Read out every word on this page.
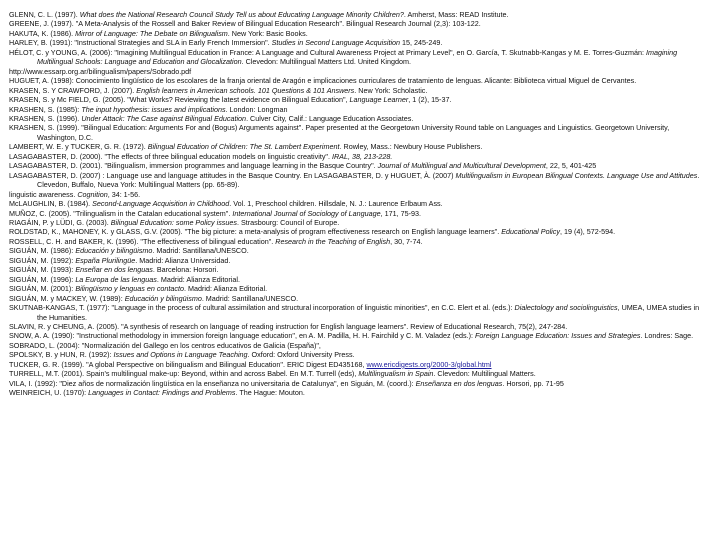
GLENN, C. L. (1997). What does the National Research Council Study Tell us about Educating Language Minority Children?. Amherst, Mass: READ Institute.

GREENE, J. (1997). "A Meta-Analysis of the Rossell and Baker Review of Bilingual Education Research". Bilingual Research Journal (2,3): 103-122.

HAKUTA, K. (1986). Mirror of Language: The Debate on Bilingualism. New York: Basic Books.

HARLEY, B. (1991): "Instructional Strategies and SLA in Early French Immersion". Studies in Second Language Acquisition 15, 245-249.

HÉLOT, C. y YOUNG, A. (2006): "Imagining Multilingual Education in France: A Language and Cultural Awareness Project at Primary Level", en O. García, T. Skutnabb-Kangas y M. E. Torres-Guzmán: Imagining Multilingual Schools: Language and Education and Glocalization. Clevedon: Multilingual Matters Ltd. United Kingdom.

http://www.essarp.org.ar/bilingualism/papers/Sobrado.pdf

HUGUET, A. (1998): Conocimiento lingüístico de los escolares de la franja oriental de Aragón e implicaciones curriculares de tratamiento de lenguas. Alicante: Biblioteca virtual Miguel de Cervantes.

KRASEN, S. Y CRAWFORD, J. (2007). English learners in American schools. 101 Questions & 101 Answers. New York: Scholastic.

KRASEN, S. y Mc FIELD, G. (2005). "What Works? Reviewing the latest evidence on Bilingual Education", Language Learner, 1 (2), 15-37.

KRASHEN, S. (1985): The input hypothesis: issues and implications. London: Longman

KRASHEN, S. (1996). Under Attack: The Case against Bilingual Education. Culver City, Calif.: Language Education Associates.

KRASHEN, S. (1999). "Bilingual Education: Arguments For and (Bogus) Arguments against". Paper presented at the Georgetown University Round table on Languages and Linguistics. Georgetown University, Washington, D.C.

LAMBERT, W. E. y TUCKER, G. R. (1972). Bilingual Education of Children: The St. Lambert Experiment. Rowley, Mass.: Newbury House Publishers.

LASAGABASTER, D. (2000). "The effects of three bilingual education models on linguistic creativity". IRAL, 38, 213-228.

LASAGABASTER, D. (2001). "Bilingualism, immersion programmes and language learning in the Basque Country". Journal of Multilingual and Multicultural Development, 22, 5, 401-425

LASAGABASTER, D. (2007) : Language use and language attitudes in the Basque Country. En LASAGABASTER, D. y HUGUET, À. (2007) Multilingualism in European Bilingual Contexts. Language Use and Attitudes. Clevedon, Buffalo, Nueva York: Multilingual Matters (pp. 65-89).

linguistic awareness. Cognition, 34: 1-56.

McLAUGHLIN, B. (1984). Second-Language Acquisition in Childhood. Vol. 1, Preschool children. Hillsdale, N. J.: Laurence Erlbaum Ass.

MUÑOZ, C. (2005). "Trilingualism in the Catalan educational system". International Journal of Sociology of Language, 171, 75-93.

RIAGÁIN, P. y LÜDI, G. (2003). Bilingual Education: some Policy issues. Strasbourg: Council of Europe.

ROLDSTAD, K., MAHONEY, K. y GLASS, G.V. (2005). "The big picture: a meta-analysis of program effectiveness research on English language learners". Educational Policy, 19 (4), 572-594.

ROSSELL, C. H. and BAKER, K. (1996). "The effectiveness of bilingual education". Research in the Teaching of English, 30, 7-74.

SIGUÁN, M. (1986): Educación y bilingüismo. Madrid: Santillana/UNESCO.

SIGUÁN, M. (1992): España Plurilingüe. Madrid: Alianza Universidad.

SIGUÁN, M. (1993): Enseñar en dos lenguas. Barcelona: Horsori.

SIGUÁN, M. (1996): La Europa de las lenguas. Madrid: Alianza Editorial.

SIGUÁN, M. (2001): Bilingüismo y lenguas en contacto. Madrid: Alianza Editorial.

SIGUÁN, M. y MACKEY, W. (1989): Educación y bilingüismo. Madrid: Santillana/UNESCO.

SKUTNAB-KANGAS, T. (1977): "Language in the process of cultural assimilation and structural incorporation of linguistic minorities", en C.C. Elert et al. (eds.): Dialectology and sociolinguistics, UMEA, UMEA studies in the Humanities.

SLAVIN, R. y CHEUNG, A. (2005). "A synthesis of research on language of reading instruction for English language learners". Review of Educational Research, 75(2), 247-284.

SNOW, A. A. (1990): "Instructional methodology in immersion foreign language education", en A. M. Padilla, H. H. Fairchild y C. M. Valadez (eds.): Foreign Language Education: Issues and Strategies. Londres: Sage.

SOBRADO, L. (2004): "Normalización del Gallego en los centros educativos de Galicia (España)",

SPOLSKY, B. y HUN, R. (1992): Issues and Options in Language Teaching. Oxford: Oxford University Press.

TUCKER, G. R. (1999). "A global Perspective on bilingualism and Bilingual Education". ERIC Digest ED435168, www.ericdigests.org/2000-3/global.html

TURRELL, M.T. (2001). Spain's multilingual make-up: Beyond, within and across Babel. En M.T. Turrell (eds), Multilingualism in Spain. Clevedon: Multilingual Matters.

VILA, I. (1992): "Diez años de normalización lingüística en la enseñanza no universitaria de Catalunya", en Siguán, M. (coord.): Enseñanza en dos lenguas. Horsori, pp. 71-95

WEINREICH, U. (1970): Languages in Contact: Findings and Problems. The Hague: Mouton.
